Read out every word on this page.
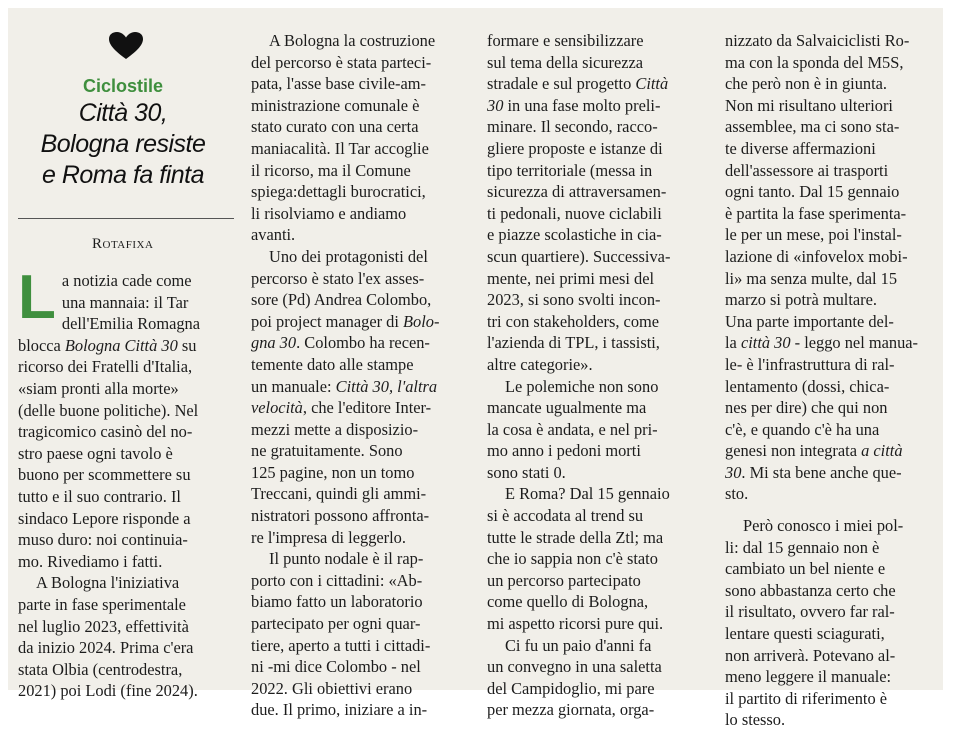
Ciclostile
Città 30,
Bologna resiste
e Roma fa finta
Rotafixa

L a notizia cade come
una mannaia: il Tar
dell'Emilia Romagna
blocca Bologna Città 30 su
ricorso dei Fratelli d'Italia,
«siam pronti alla morte»
(delle buone politiche). Nel
tragicomico casinò del no-
stro paese ogni tavolo è
buono per scommettere su
tutto e il suo contrario. Il
sindaco Lepore risponde a
muso duro: noi continuia-
mo. Rivediamo i fatti.

A Bologna l'iniziativa
parte in fase sperimentale
nel luglio 2023, effettività
da inizio 2024. Prima c'era
stata Olbia (centrodestra,
2021) poi Lodi (fine 2024).

A Bologna la costruzione
del percorso è stata parteci-
pata, l'asse base civile-am-
ministrazione comunale è
stato curato con una certa
maniacalità. Il Tar accoglie
il ricorso, ma il Comune
spiega:dettagli burocratici,
li risolviamo e andiamo
avanti.

Uno dei protagonisti del
percorso è stato l'ex asses-
sore (Pd) Andrea Colombo,
poi project manager di Bolo-
gna 30. Colombo ha recen-
temente dato alle stampe
un manuale: Città 30, l'altra
velocità, che l'editore Inter-
mezzi mette a disposizio-
ne gratuitamente. Sono
125 pagine, non un tomo
Treccani, quindi gli ammi-
nistratori possono affronta-
re l'impresa di leggerlo.

Il punto nodale è il rap-
porto con i cittadini: «Ab-
biamo fatto un laboratorio
partecipato per ogni quar-
tiere, aperto a tutti i cittadi-
ni -mi dice Colombo - nel
2022. Gli obiettivi erano
due. Il primo, iniziare a in-

formare e sensibilizzare
sul tema della sicurezza
stradale e sul progetto Città
30 in una fase molto preli-
minare. Il secondo, racco-
gliere proposte e istanze di
tipo territoriale (messa in
sicurezza di attraversamen-
ti pedonali, nuove ciclabili
e piazze scolastiche in cia-
scun quartiere). Successiva-
mente, nei primi mesi del
2023, si sono svolti incon-
tri con stakeholders, come
l'azienda di TPL, i tassisti,
altre categorie».

Le polemiche non sono
mancate ugualmente ma
la cosa è andata, e nel pri-
mo anno i pedoni morti
sono stati 0.

E Roma? Dal 15 gennaio
si è accodata al trend su
tutte le strade della Ztl; ma
che io sappia non c'è stato
un percorso partecipato
come quello di Bologna,
mi aspetto ricorsi pure qui.

Ci fu un paio d'anni fa
un convegno in una saletta
del Campidoglio, mi pare
per mezza giornata, orga-

nizzato da Salvaiciclisti Ro-
ma con la sponda del M5S,
che però non è in giunta.
Non mi risultano ulteriori
assemblee, ma ci sono sta-
te diverse affermazioni
dell'assessore ai trasporti
ogni tanto. Dal 15 gennaio
è partita la fase sperimenta-
le per un mese, poi l'instal-
lazione di «infovelox mobi-
li» ma senza multe, dal 15
marzo si potrà multare.
Una parte importante del-
la città 30 - leggo nel manua-
le- è l'infrastruttura di ral-
lentamento (dossi, chica-
nes per dire) che qui non
c'è, e quando c'è ha una
genesi non integrata a città
30. Mi sta bene anche que-
sto.

Però conosco i miei pol-
li: dal 15 gennaio non è
cambiato un bel niente e
sono abbastanza certo che
il risultato, ovvero far ral-
lentare questi sciagurati,
non arriverà. Potevano al-
meno leggere il manuale:
il partito di riferimento è
lo stesso.
